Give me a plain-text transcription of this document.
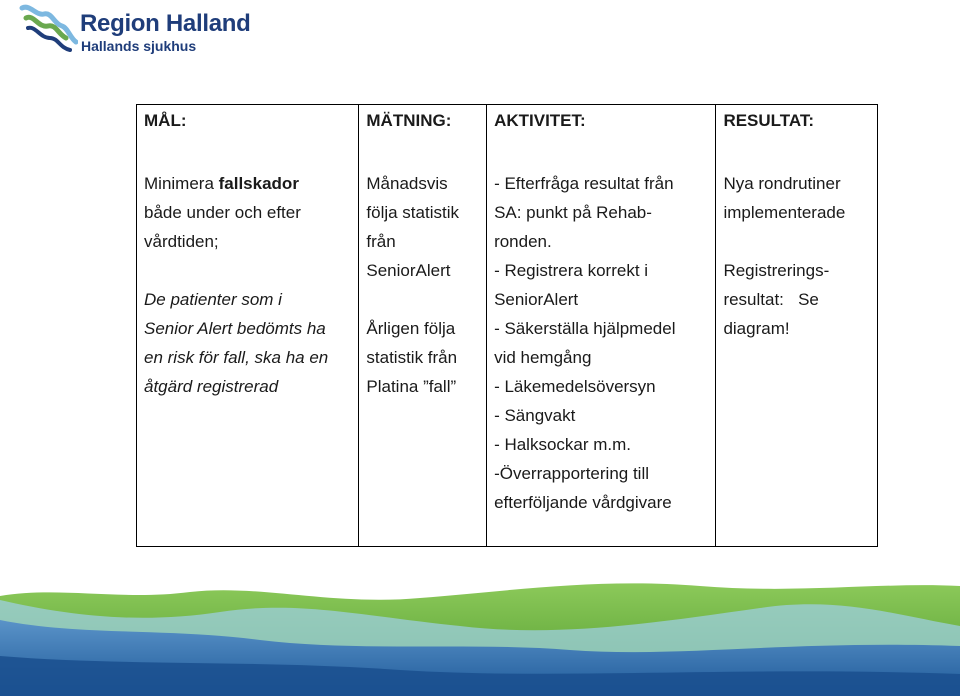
Region Halland
Hallands sjukhus
MÅL:
Minimera fallskador
både under och efter
vårdtiden;
De patienter som i
Senior Alert bedömts ha
en risk för fall, ska ha en
åtgärd registrerad
MÄTNING:
Månadsvis
följa statistik
från
SeniorAlert
Årligen följa
statistik från
Platina ”fall”
AKTIVITET:
- Efterfråga resultat från
SA: punkt på Rehab-
ronden.
- Registrera korrekt i
SeniorAlert
- Säkerställa hjälpmedel
vid hemgång
- Läkemedelsöversyn
- Sängvakt
- Halksockar m.m.
-Överrapportering till
efterföljande vårdgivare
RESULTAT:
Nya rondrutiner
implementerade
Registrerings-
resultat:   Se
diagram!
